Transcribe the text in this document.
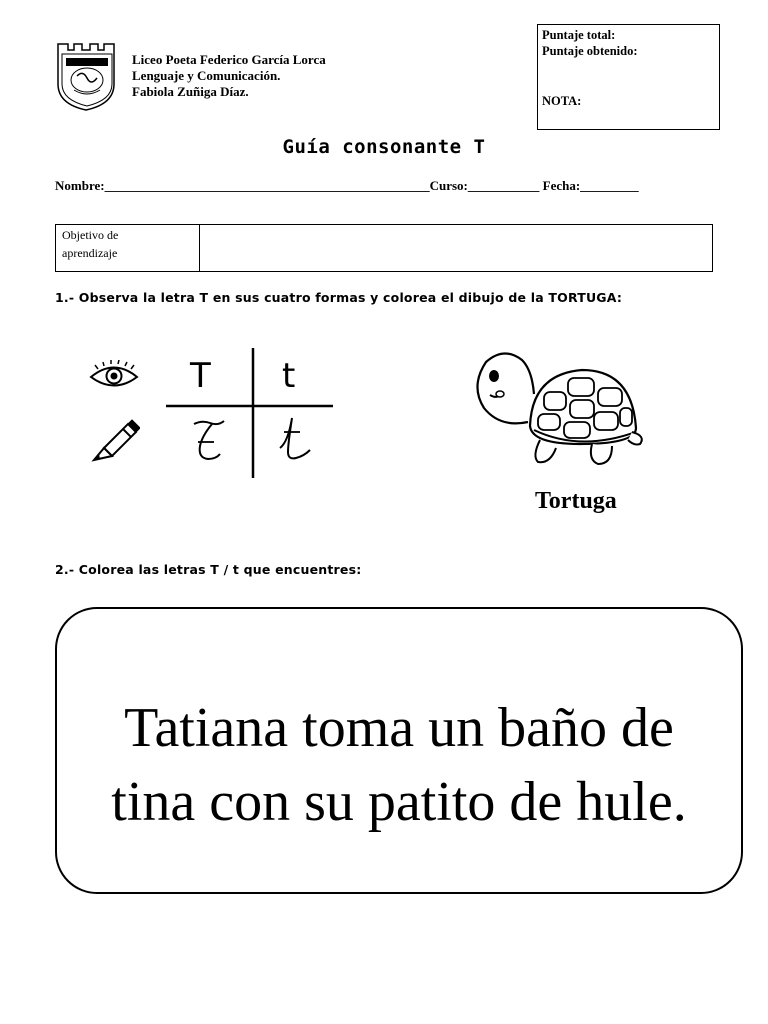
Liceo Poeta Federico García Lorca
Lenguaje y Comunicación.
Fabiola Zuñiga Díaz.
Puntaje total:
Puntaje obtenido:
NOTA:
Guía consonante T
Nombre:__________________________________________________Curso:___________ Fecha:_________
Objetivo de
aprendizaje
1.- Observa la letra T en sus cuatro formas y colorea el dibujo de la TORTUGA:
T t
Tortuga
2.- Colorea las letras T / t que encuentres:
Tatiana toma un baño de
tina con su patito de hule.
